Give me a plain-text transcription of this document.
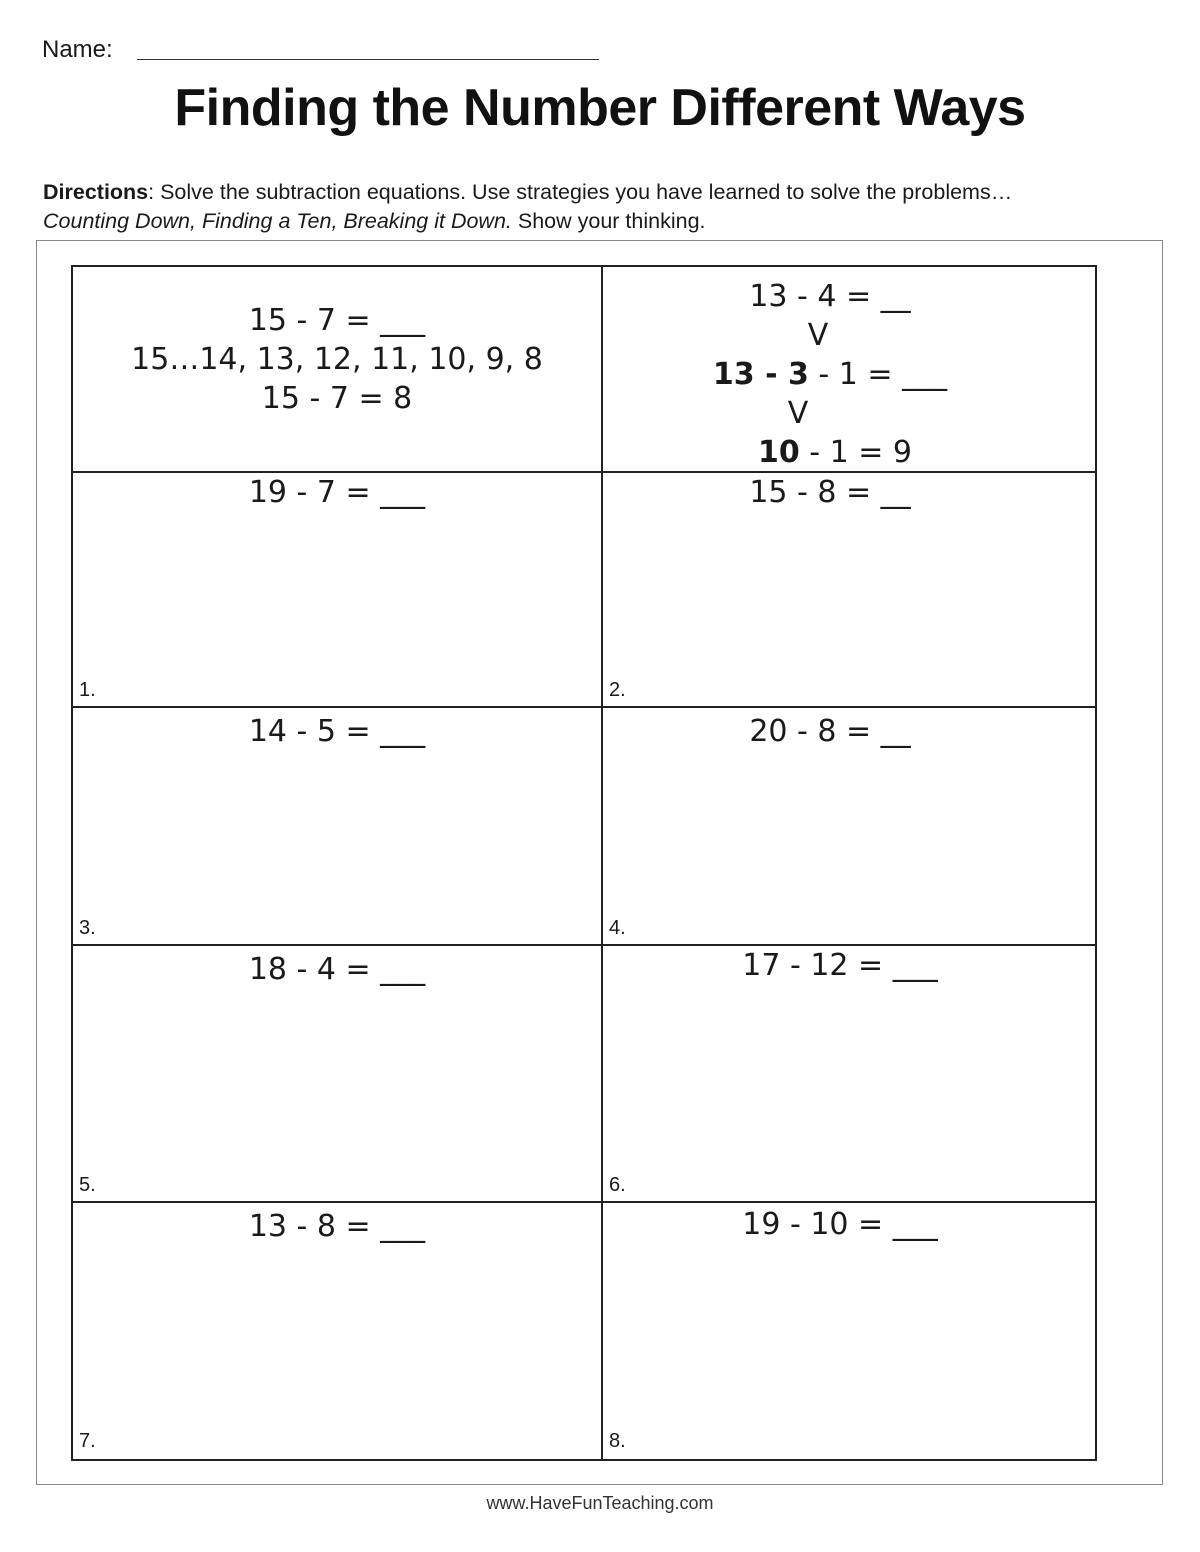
Name:
Finding the Number Different Ways
Directions: Solve the subtraction equations. Use strategies you have learned to solve the problems…
Counting Down, Finding a Ten, Breaking it Down. Show your thinking.
15 - 7 = ___
15…14, 13, 12, 11, 10, 9, 8
15 - 7 = 8
13 - 4 = __
V
13 - 3 - 1 = ___
V
10 - 1 = 9
19 - 7 = ___
1.
15 - 8 = __
2.
14 - 5 = ___
3.
20 - 8 = __
4.
18 - 4 = ___
5.
17 - 12 = ___
6.
13 - 8 = ___
7.
19 - 10 = ___
8.
www.HaveFunTeaching.com
